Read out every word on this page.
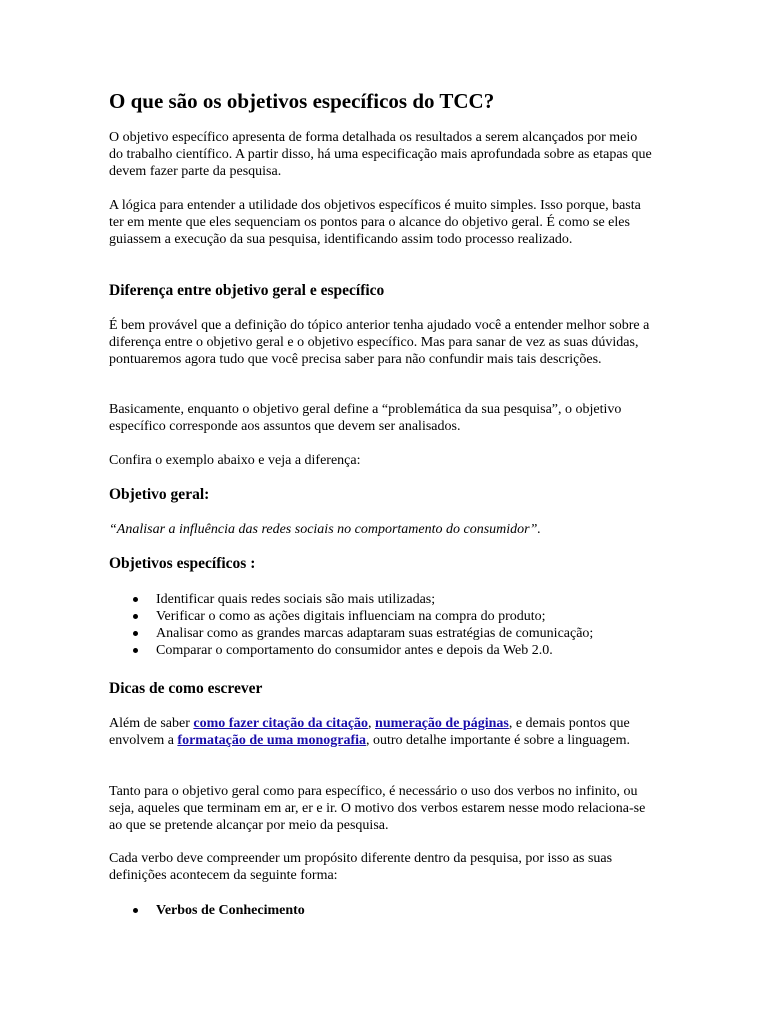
O que são os objetivos específicos do TCC?

O objetivo específico apresenta de forma detalhada os resultados a serem alcançados por meio do trabalho científico. A partir disso, há uma especificação mais aprofundada sobre as etapas que devem fazer parte da pesquisa.

A lógica para entender a utilidade dos objetivos específicos é muito simples. Isso porque, basta ter em mente que eles sequenciam os pontos para o alcance do objetivo geral. É como se eles guiassem a execução da sua pesquisa, identificando assim todo processo realizado.

Diferença entre objetivo geral e específico

É bem provável que a definição do tópico anterior tenha ajudado você a entender melhor sobre a diferença entre o objetivo geral e o objetivo específico. Mas para sanar de vez as suas dúvidas, pontuaremos agora tudo que você precisa saber para não confundir mais tais descrições.

Basicamente, enquanto o objetivo geral define a “problemática da sua pesquisa”, o objetivo específico corresponde aos assuntos que devem ser analisados.

Confira o exemplo abaixo e veja a diferença:

Objetivo geral:

“Analisar a influência das redes sociais no comportamento do consumidor”.

Objetivos específicos :
Identificar quais redes sociais são mais utilizadas;
Verificar o como as ações digitais influenciam na compra do produto;
Analisar como as grandes marcas adaptaram suas estratégias de comunicação;
Comparar o comportamento do consumidor antes e depois da Web 2.0.
Dicas de como escrever

Além de saber como fazer citação da citação, numeração de páginas, e demais pontos que envolvem a formatação de uma monografia, outro detalhe importante é sobre a linguagem.

Tanto para o objetivo geral como para específico, é necessário o uso dos verbos no infinito, ou seja, aqueles que terminam em ar, er e ir. O motivo dos verbos estarem nesse modo relaciona-se ao que se pretende alcançar por meio da pesquisa.

Cada verbo deve compreender um propósito diferente dentro da pesquisa, por isso as suas definições acontecem da seguinte forma:

Verbos de Conhecimento
